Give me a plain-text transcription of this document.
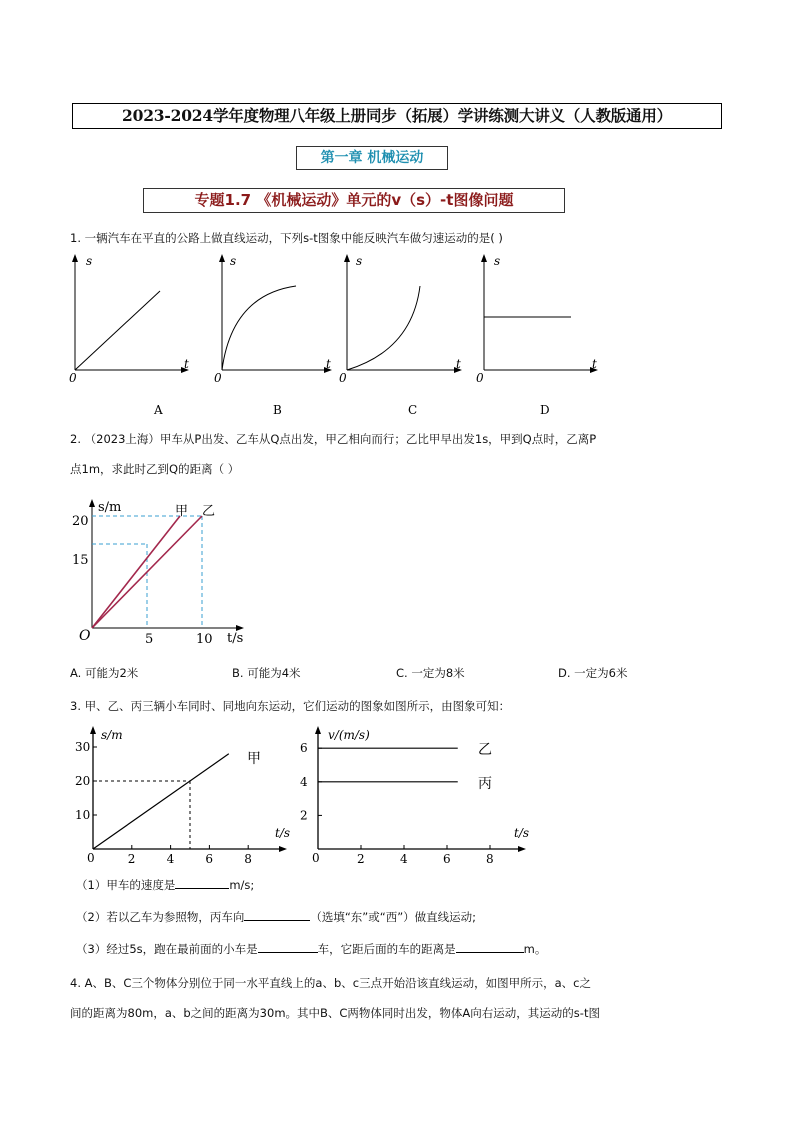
2023-2024学年度物理八年级上册同步（拓展）学讲练测大讲义（人教版通用）
第一章 机械运动
专题1.7 《机械运动》单元的v（s）-t图像问题
1. 一辆汽车在平直的公路上做直线运动，下列s-t图象中能反映汽车做匀速运动的是( )
s
t
0
A
s
t
0
B
s
t
0
C
s
t
0
D
2. （2023上海）甲车从P出发、乙车从Q点出发，甲乙相向而行；乙比甲早出发1s，甲到Q点时，乙离P
点1m，求此时乙到Q的距离（ ）
s/m
t/s
O
15
20
5	10
甲 乙
A. 可能为2米	B. 可能为4米	C. 一定为8米	D. 一定为6米
3. 甲、乙、丙三辆小车同时、同地向东运动，它们运动的图象如图所示，由图象可知：
s/m
t/s
0	2	4	6	8
10
20
30
甲
v/(m/s)
t/s
0	2	4	6	8
2
4
6	乙
丙
（1）甲车的速度是	m/s;
（2）若以乙车为参照物，丙车向	（选填“东”或“西”）做直线运动;
（3）经过5s，跑在最前面的小车是	车，它距后面的车的距离是	m。
4. A、B、C三个物体分别位于同一水平直线上的a、b、c三点开始沿该直线运动，如图甲所示，a、c之
间的距离为80m，a、b之间的距离为30m。其中B、C两物体同时出发，物体A向右运动，其运动的s-t图
